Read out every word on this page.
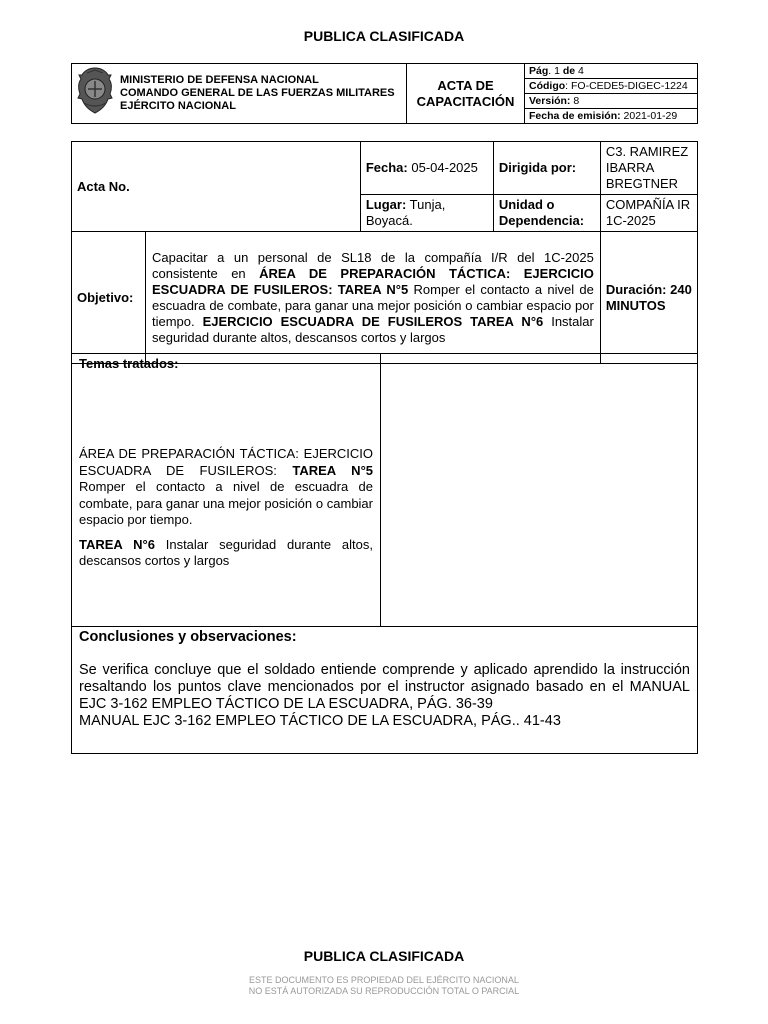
PUBLICA CLASIFICADA

MINISTERIO DE DEFENSA NACIONAL
COMANDO GENERAL DE LAS FUERZAS MILITARES
EJÉRCITO NACIONAL

ACTA DE
CAPACITACIÓN
	Pág. 1 de 4
Código: FO-CEDE5-DIGEC-1224
Versión: 8
Fecha de emisión: 2021-01-29
Acta No.		Fecha: 05-04-2025	Dirigida por:	C3. RAMIREZ IBARRA BREGTNER
		Lugar: Tunja, Boyacá.	Unidad o Dependencia:	COMPAÑÍA IR 1C-2025
Objetivo:	Capacitar a un personal de SL18 de la compañía I/R del 1C-2025 consistente en ÁREA DE PREPARACIÓN TÁCTICA: EJERCICIO ESCUADRA DE FUSILEROS: TAREA N°5 Romper el contacto a nivel de escuadra de combate, para ganar una mejor posición o cambiar espacio por tiempo. EJERCICIO ESCUADRA DE FUSILEROS TAREA N°6 Instalar seguridad durante altos, descansos cortos y largos			Duración: 240 MINUTOS
Temas tratados:

ÁREA DE PREPARACIÓN TÁCTICA: EJERCICIO ESCUADRA DE FUSILEROS: TAREA N°5 Romper el contacto a nivel de escuadra de combate, para ganar una mejor posición o cambiar espacio por tiempo.

TAREA N°6 Instalar seguridad durante altos, descansos cortos y largos

Conclusiones y observaciones:
Se verifica concluye que el soldado entiende comprende y aplicado aprendido la instrucción resaltando los puntos clave mencionados por el instructor asignado basado en el MANUAL EJC 3-162 EMPLEO TÁCTICO DE LA ESCUADRA, PÁG. 36-39
MANUAL EJC 3-162 EMPLEO TÁCTICO DE LA ESCUADRA, PÁG.. 41-43
PUBLICA CLASIFICADA
ESTE DOCUMENTO ES PROPIEDAD DEL EJÉRCITO NACIONAL
NO ESTÁ AUTORIZADA SU REPRODUCCIÓN TOTAL O PARCIAL
